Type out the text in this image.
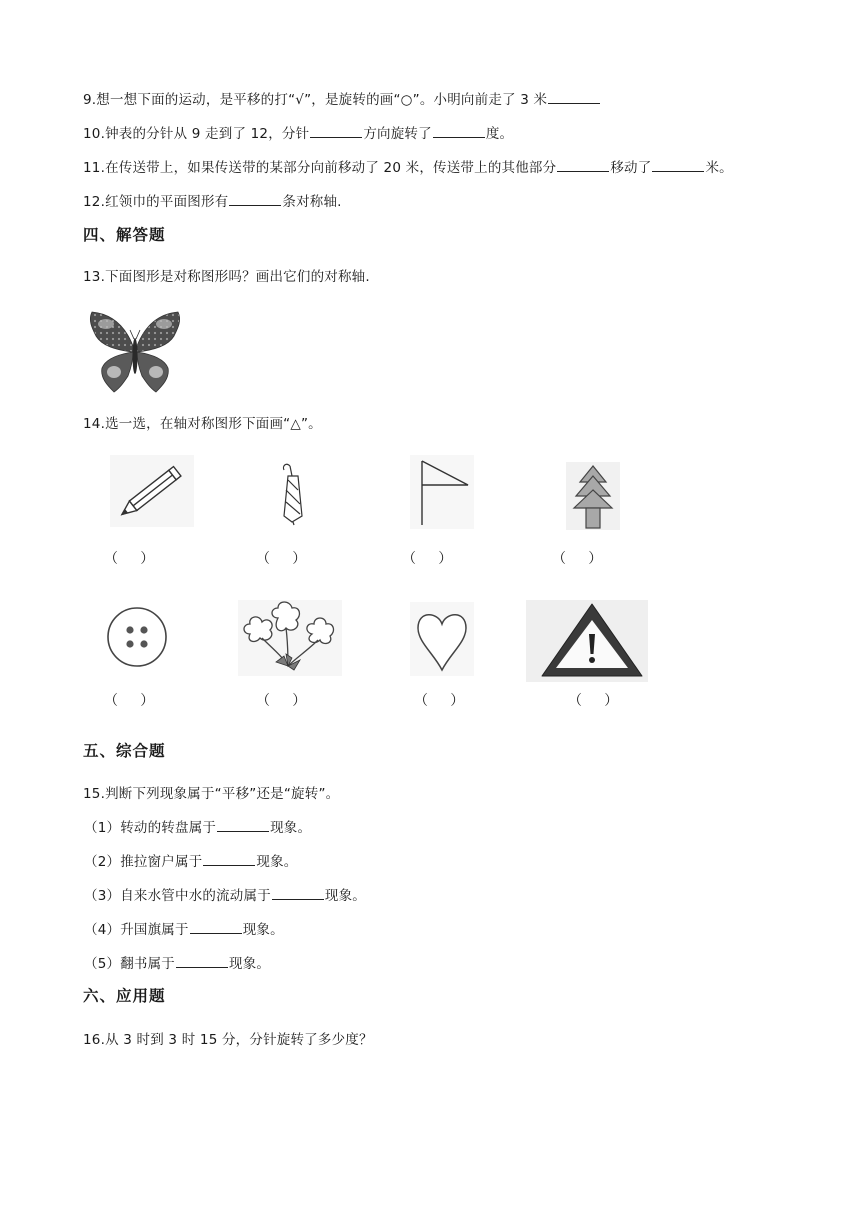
9.想一想下面的运动，是平移的打“√”，是旋转的画“○”。小明向前走了 3 米
10.钟表的分针从 9 走到了 12，分针	方向旋转了	度。
11.在传送带上，如果传送带的某部分向前移动了 20 米，传送带上的其他部分	移动了	米。
12.红领巾的平面图形有	条对称轴.
四、解答题
13.下面图形是对称图形吗？画出它们的对称轴.
14.选一选，在轴对称图形下面画“△”。
（     ）	（     ）	（     ）	（     ）
（     ）	（     ）	（     ）	（     ）
五、综合题
15.判断下列现象属于“平移”还是“旋转”。
（1）转动的转盘属于	现象。
（2）推拉窗户属于	现象。
（3）自来水管中水的流动属于	现象。
（4）升国旗属于	现象。
（5）翻书属于	现象。
六、应用题
16.从 3 时到 3 时 15 分，分针旋转了多少度？
